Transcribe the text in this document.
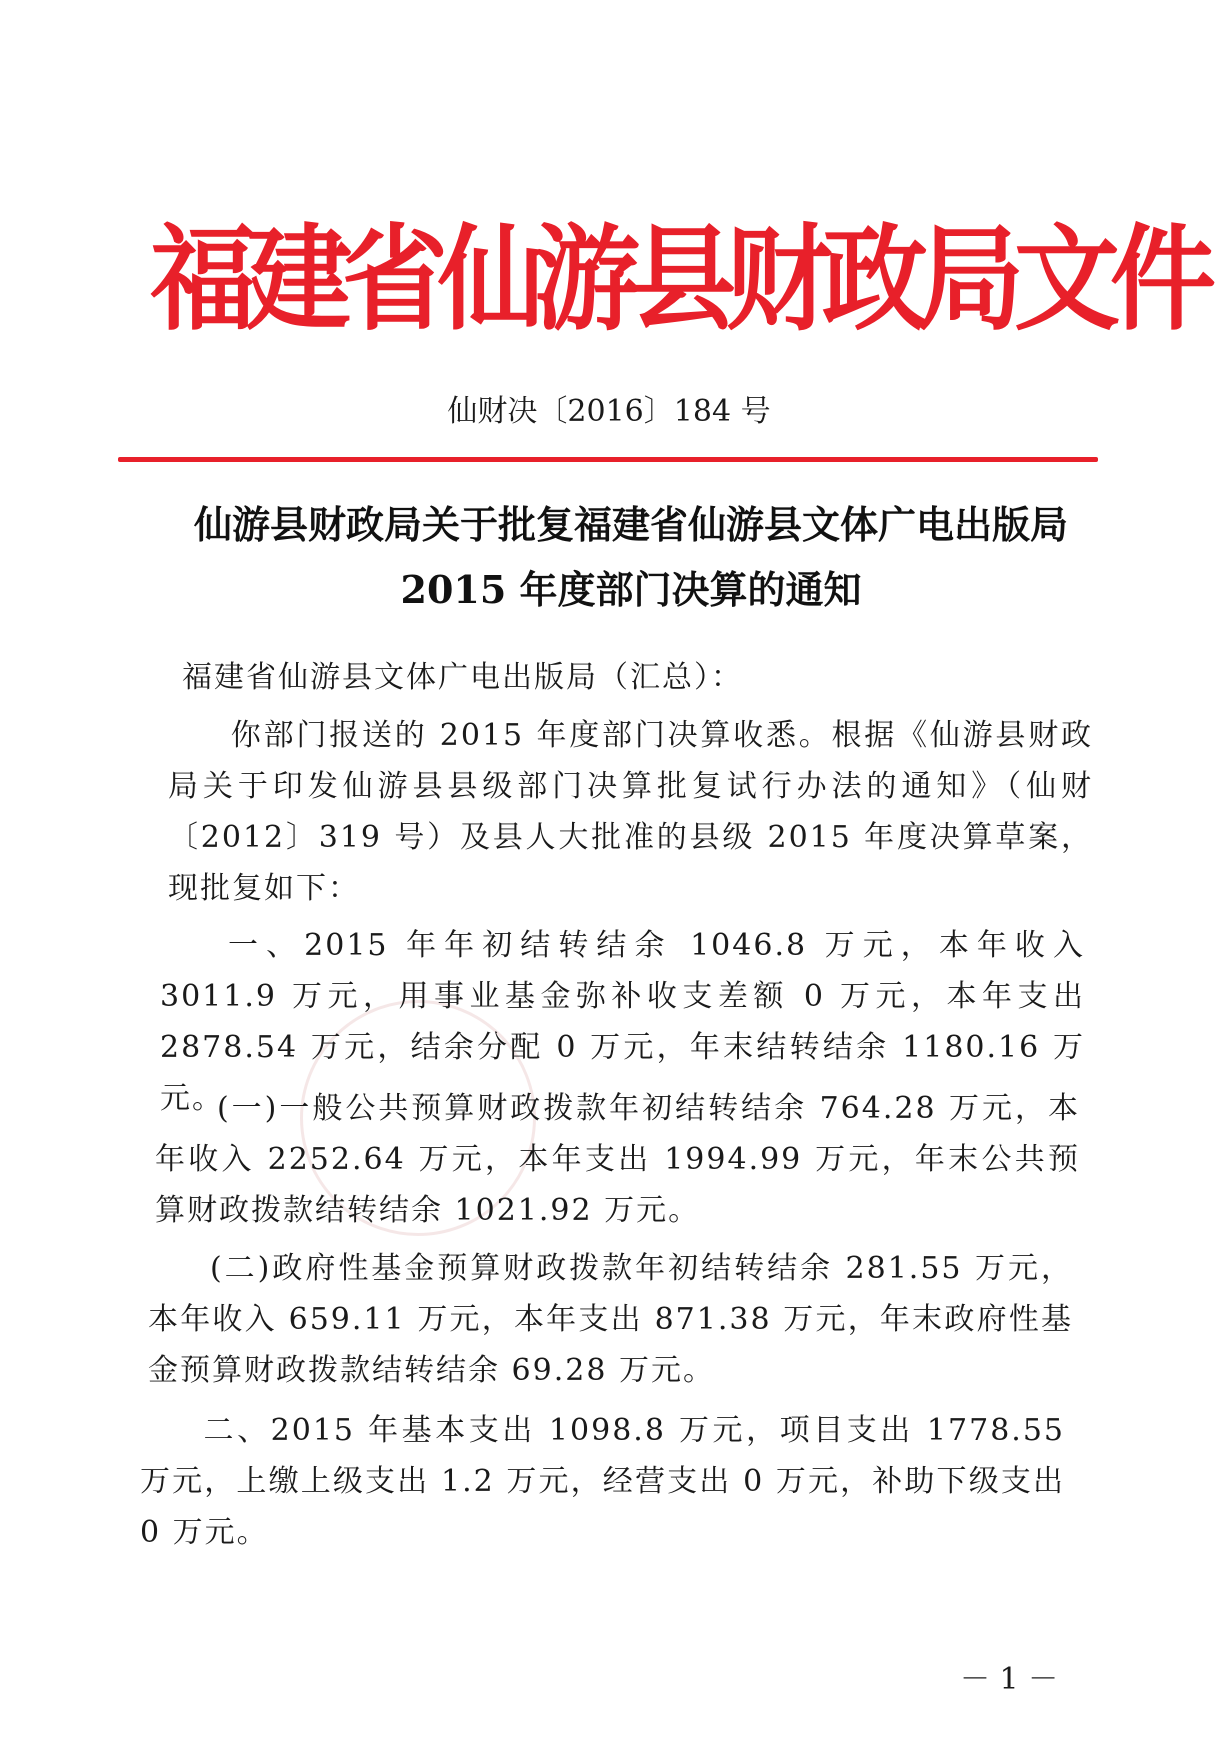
福建省仙游县财政局文件
仙财决〔2016〕184 号
仙游县财政局关于批复福建省仙游县文体广电出版局
2015 年度部门决算的通知
福建省仙游县文体广电出版局（汇总）：
你部门报送的 2015 年度部门决算收悉。根据《仙游县财政局关于印发仙游县县级部门决算批复试行办法的通知》（仙财〔2012〕319 号）及县人大批准的县级 2015 年度决算草案，现批复如下：
一、2015 年年初结转结余 1046.8 万元，本年收入 3011.9 万元，用事业基金弥补收支差额 0 万元，本年支出 2878.54 万元，结余分配 0 万元，年末结转结余 1180.16 万元。
(一)一般公共预算财政拨款年初结转结余 764.28 万元，本年收入 2252.64 万元，本年支出 1994.99 万元，年末公共预算财政拨款结转结余 1021.92 万元。
(二)政府性基金预算财政拨款年初结转结余 281.55 万元，本年收入 659.11 万元，本年支出 871.38 万元，年末政府性基金预算财政拨款结转结余 69.28 万元。
二、2015 年基本支出 1098.8 万元，项目支出 1778.55 万元，上缴上级支出 1.2 万元，经营支出 0 万元，补助下级支出 0 万元。
－ 1 －
